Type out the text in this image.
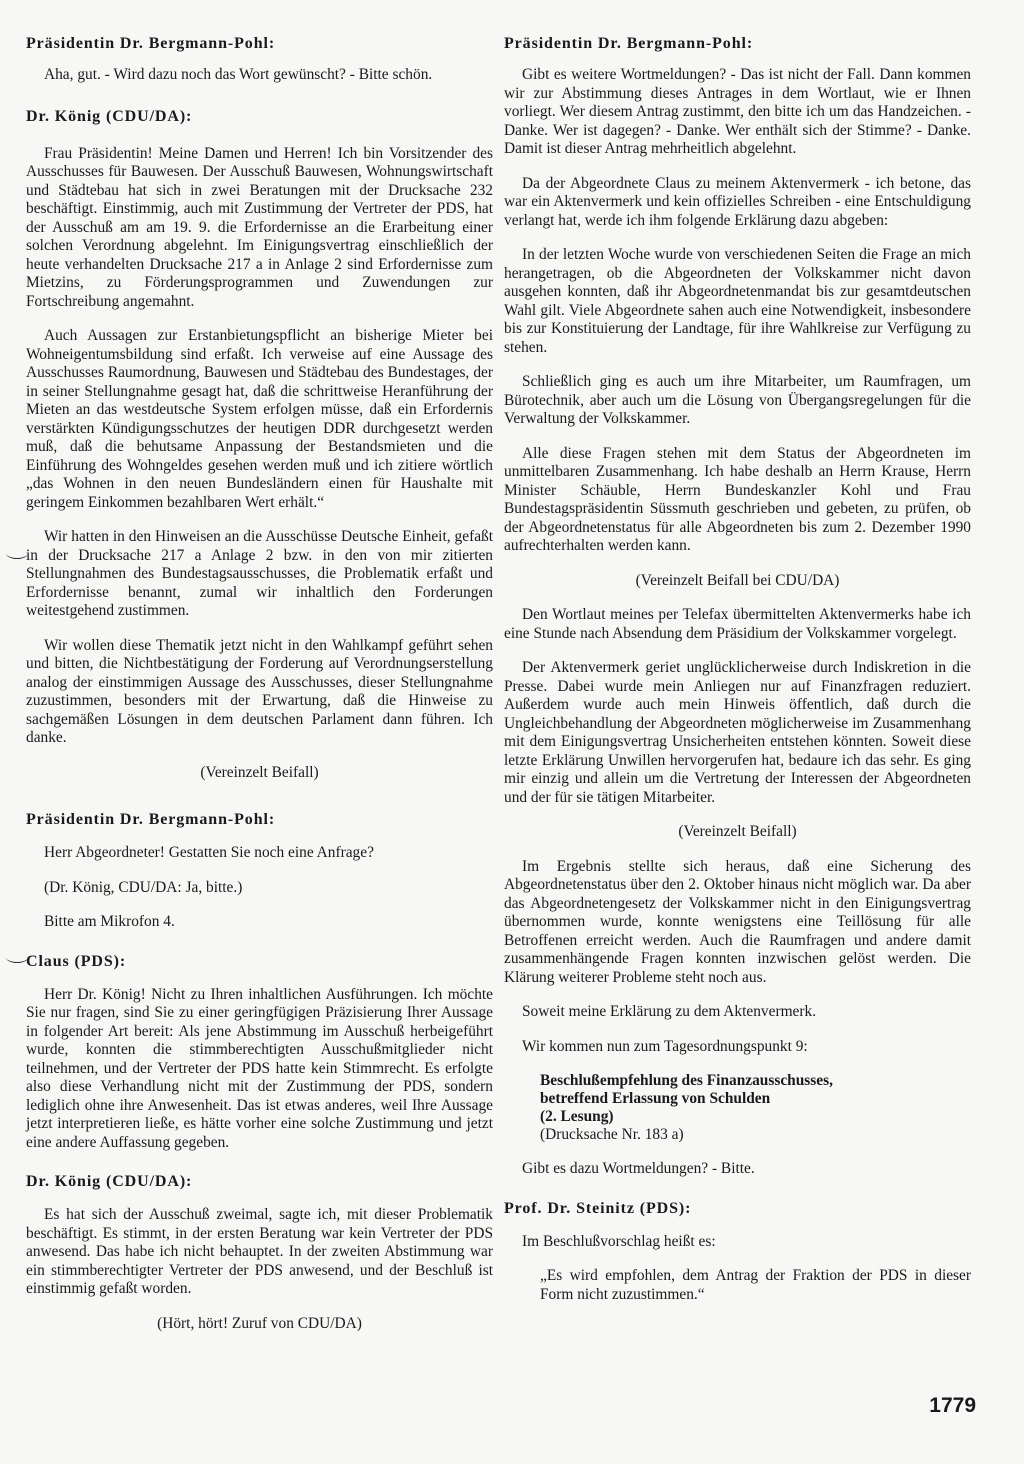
Präsidentin Dr. Bergmann-Pohl:

Aha, gut. - Wird dazu noch das Wort gewünscht? - Bitte schön.

Dr. König (CDU/DA):

Frau Präsidentin! Meine Damen und Herren! Ich bin Vorsitzender des Ausschusses für Bauwesen. Der Ausschuß Bauwesen, Wohnungswirtschaft und Städtebau hat sich in zwei Beratungen mit der Drucksache 232 beschäftigt. Einstimmig, auch mit Zustimmung der Vertreter der PDS, hat der Ausschuß am am 19. 9. die Erfordernisse an die Erarbeitung einer solchen Verordnung abgelehnt. Im Einigungsvertrag einschließlich der heute verhandelten Drucksache 217 a in Anlage 2 sind Erfordernisse zum Mietzins, zu Förderungsprogrammen und Zuwendungen zur Fortschreibung angemahnt.

Auch Aussagen zur Erstanbietungspflicht an bisherige Mieter bei Wohneigentumsbildung sind erfaßt. Ich verweise auf eine Aussage des Ausschusses Raumordnung, Bauwesen und Städtebau des Bundestages, der in seiner Stellungnahme gesagt hat, daß die schrittweise Heranführung der Mieten an das westdeutsche System erfolgen müsse, daß ein Erfordernis verstärkten Kündigungsschutzes der heutigen DDR durchgesetzt werden muß, daß die behutsame Anpassung der Bestandsmieten und die Einführung des Wohngeldes gesehen werden muß und ich zitiere wörtlich „das Wohnen in den neuen Bundesländern einen für Haushalte mit geringem Einkommen bezahlbaren Wert erhält.“

Wir hatten in den Hinweisen an die Ausschüsse Deutsche Einheit, gefaßt in der Drucksache 217 a Anlage 2 bzw. in den von mir zitierten Stellungnahmen des Bundestagsausschusses, die Problematik erfaßt und Erfordernisse benannt, zumal wir inhaltlich den Forderungen weitestgehend zustimmen.

Wir wollen diese Thematik jetzt nicht in den Wahlkampf geführt sehen und bitten, die Nichtbestätigung der Forderung auf Verordnungserstellung analog der einstimmigen Aussage des Ausschusses, dieser Stellungnahme zuzustimmen, besonders mit der Erwartung, daß die Hinweise zu sachgemäßen Lösungen in dem deutschen Parlament dann führen. Ich danke.

(Vereinzelt Beifall)

Präsidentin Dr. Bergmann-Pohl:

Herr Abgeordneter! Gestatten Sie noch eine Anfrage?

(Dr. König, CDU/DA: Ja, bitte.)

Bitte am Mikrofon 4.

Claus (PDS):

Herr Dr. König! Nicht zu Ihren inhaltlichen Ausführungen. Ich möchte Sie nur fragen, sind Sie zu einer geringfügigen Präzisierung Ihrer Aussage in folgender Art bereit: Als jene Abstimmung im Ausschuß herbeigeführt wurde, konnten die stimmberechtigten Ausschußmitglieder nicht teilnehmen, und der Vertreter der PDS hatte kein Stimmrecht. Es erfolgte also diese Verhandlung nicht mit der Zustimmung der PDS, sondern lediglich ohne ihre Anwesenheit. Das ist etwas anderes, weil Ihre Aussage jetzt interpretieren ließe, es hätte vorher eine solche Zustimmung und jetzt eine andere Auffassung gegeben.

Dr. König (CDU/DA):

Es hat sich der Ausschuß zweimal, sagte ich, mit dieser Problematik beschäftigt. Es stimmt, in der ersten Beratung war kein Vertreter der PDS anwesend. Das habe ich nicht behauptet. In der zweiten Abstimmung war ein stimmberechtigter Vertreter der PDS anwesend, und der Beschluß ist einstimmig gefaßt worden.

(Hört, hört! Zuruf von CDU/DA)

Präsidentin Dr. Bergmann-Pohl:

Gibt es weitere Wortmeldungen? - Das ist nicht der Fall. Dann kommen wir zur Abstimmung dieses Antrages in dem Wortlaut, wie er Ihnen vorliegt. Wer diesem Antrag zustimmt, den bitte ich um das Handzeichen. - Danke. Wer ist dagegen? - Danke. Wer enthält sich der Stimme? - Danke. Damit ist dieser Antrag mehrheitlich abgelehnt.

Da der Abgeordnete Claus zu meinem Aktenvermerk - ich betone, das war ein Aktenvermerk und kein offizielles Schreiben - eine Entschuldigung verlangt hat, werde ich ihm folgende Erklärung dazu abgeben:

In der letzten Woche wurde von verschiedenen Seiten die Frage an mich herangetragen, ob die Abgeordneten der Volkskammer nicht davon ausgehen konnten, daß ihr Abgeordnetenmandat bis zur gesamtdeutschen Wahl gilt. Viele Abgeordnete sahen auch eine Notwendigkeit, insbesondere bis zur Konstituierung der Landtage, für ihre Wahlkreise zur Verfügung zu stehen.

Schließlich ging es auch um ihre Mitarbeiter, um Raumfragen, um Bürotechnik, aber auch um die Lösung von Übergangsregelungen für die Verwaltung der Volkskammer.

Alle diese Fragen stehen mit dem Status der Abgeordneten im unmittelbaren Zusammenhang. Ich habe deshalb an Herrn Krause, Herrn Minister Schäuble, Herrn Bundeskanzler Kohl und Frau Bundestagspräsidentin Süssmuth geschrieben und gebeten, zu prüfen, ob der Abgeordnetenstatus für alle Abgeordneten bis zum 2. Dezember 1990 aufrechterhalten werden kann.

(Vereinzelt Beifall bei CDU/DA)

Den Wortlaut meines per Telefax übermittelten Aktenvermerks habe ich eine Stunde nach Absendung dem Präsidium der Volkskammer vorgelegt.

Der Aktenvermerk geriet unglücklicherweise durch Indiskretion in die Presse. Dabei wurde mein Anliegen nur auf Finanzfragen reduziert. Außerdem wurde auch mein Hinweis öffentlich, daß durch die Ungleichbehandlung der Abgeordneten möglicherweise im Zusammenhang mit dem Einigungsvertrag Unsicherheiten entstehen könnten. Soweit diese letzte Erklärung Unwillen hervorgerufen hat, bedaure ich das sehr. Es ging mir einzig und allein um die Vertretung der Interessen der Abgeordneten und der für sie tätigen Mitarbeiter.

(Vereinzelt Beifall)

Im Ergebnis stellte sich heraus, daß eine Sicherung des Abgeordnetenstatus über den 2. Oktober hinaus nicht möglich war. Da aber das Abgeordnetengesetz der Volkskammer nicht in den Einigungsvertrag übernommen wurde, konnte wenigstens eine Teillösung für alle Betroffenen erreicht werden. Auch die Raumfragen und andere damit zusammenhängende Fragen konnten inzwischen gelöst werden. Die Klärung weiterer Probleme steht noch aus.

Soweit meine Erklärung zu dem Aktenvermerk.

Wir kommen nun zum Tagesordnungspunkt 9:

Beschlußempfehlung des Finanzausschusses,
betreffend Erlassung von Schulden
(2. Lesung)
(Drucksache Nr. 183 a)

Gibt es dazu Wortmeldungen? - Bitte.

Prof. Dr. Steinitz (PDS):

Im Beschlußvorschlag heißt es:

„Es wird empfohlen, dem Antrag der Fraktion der PDS in dieser Form nicht zuzustimmen.“
1779
